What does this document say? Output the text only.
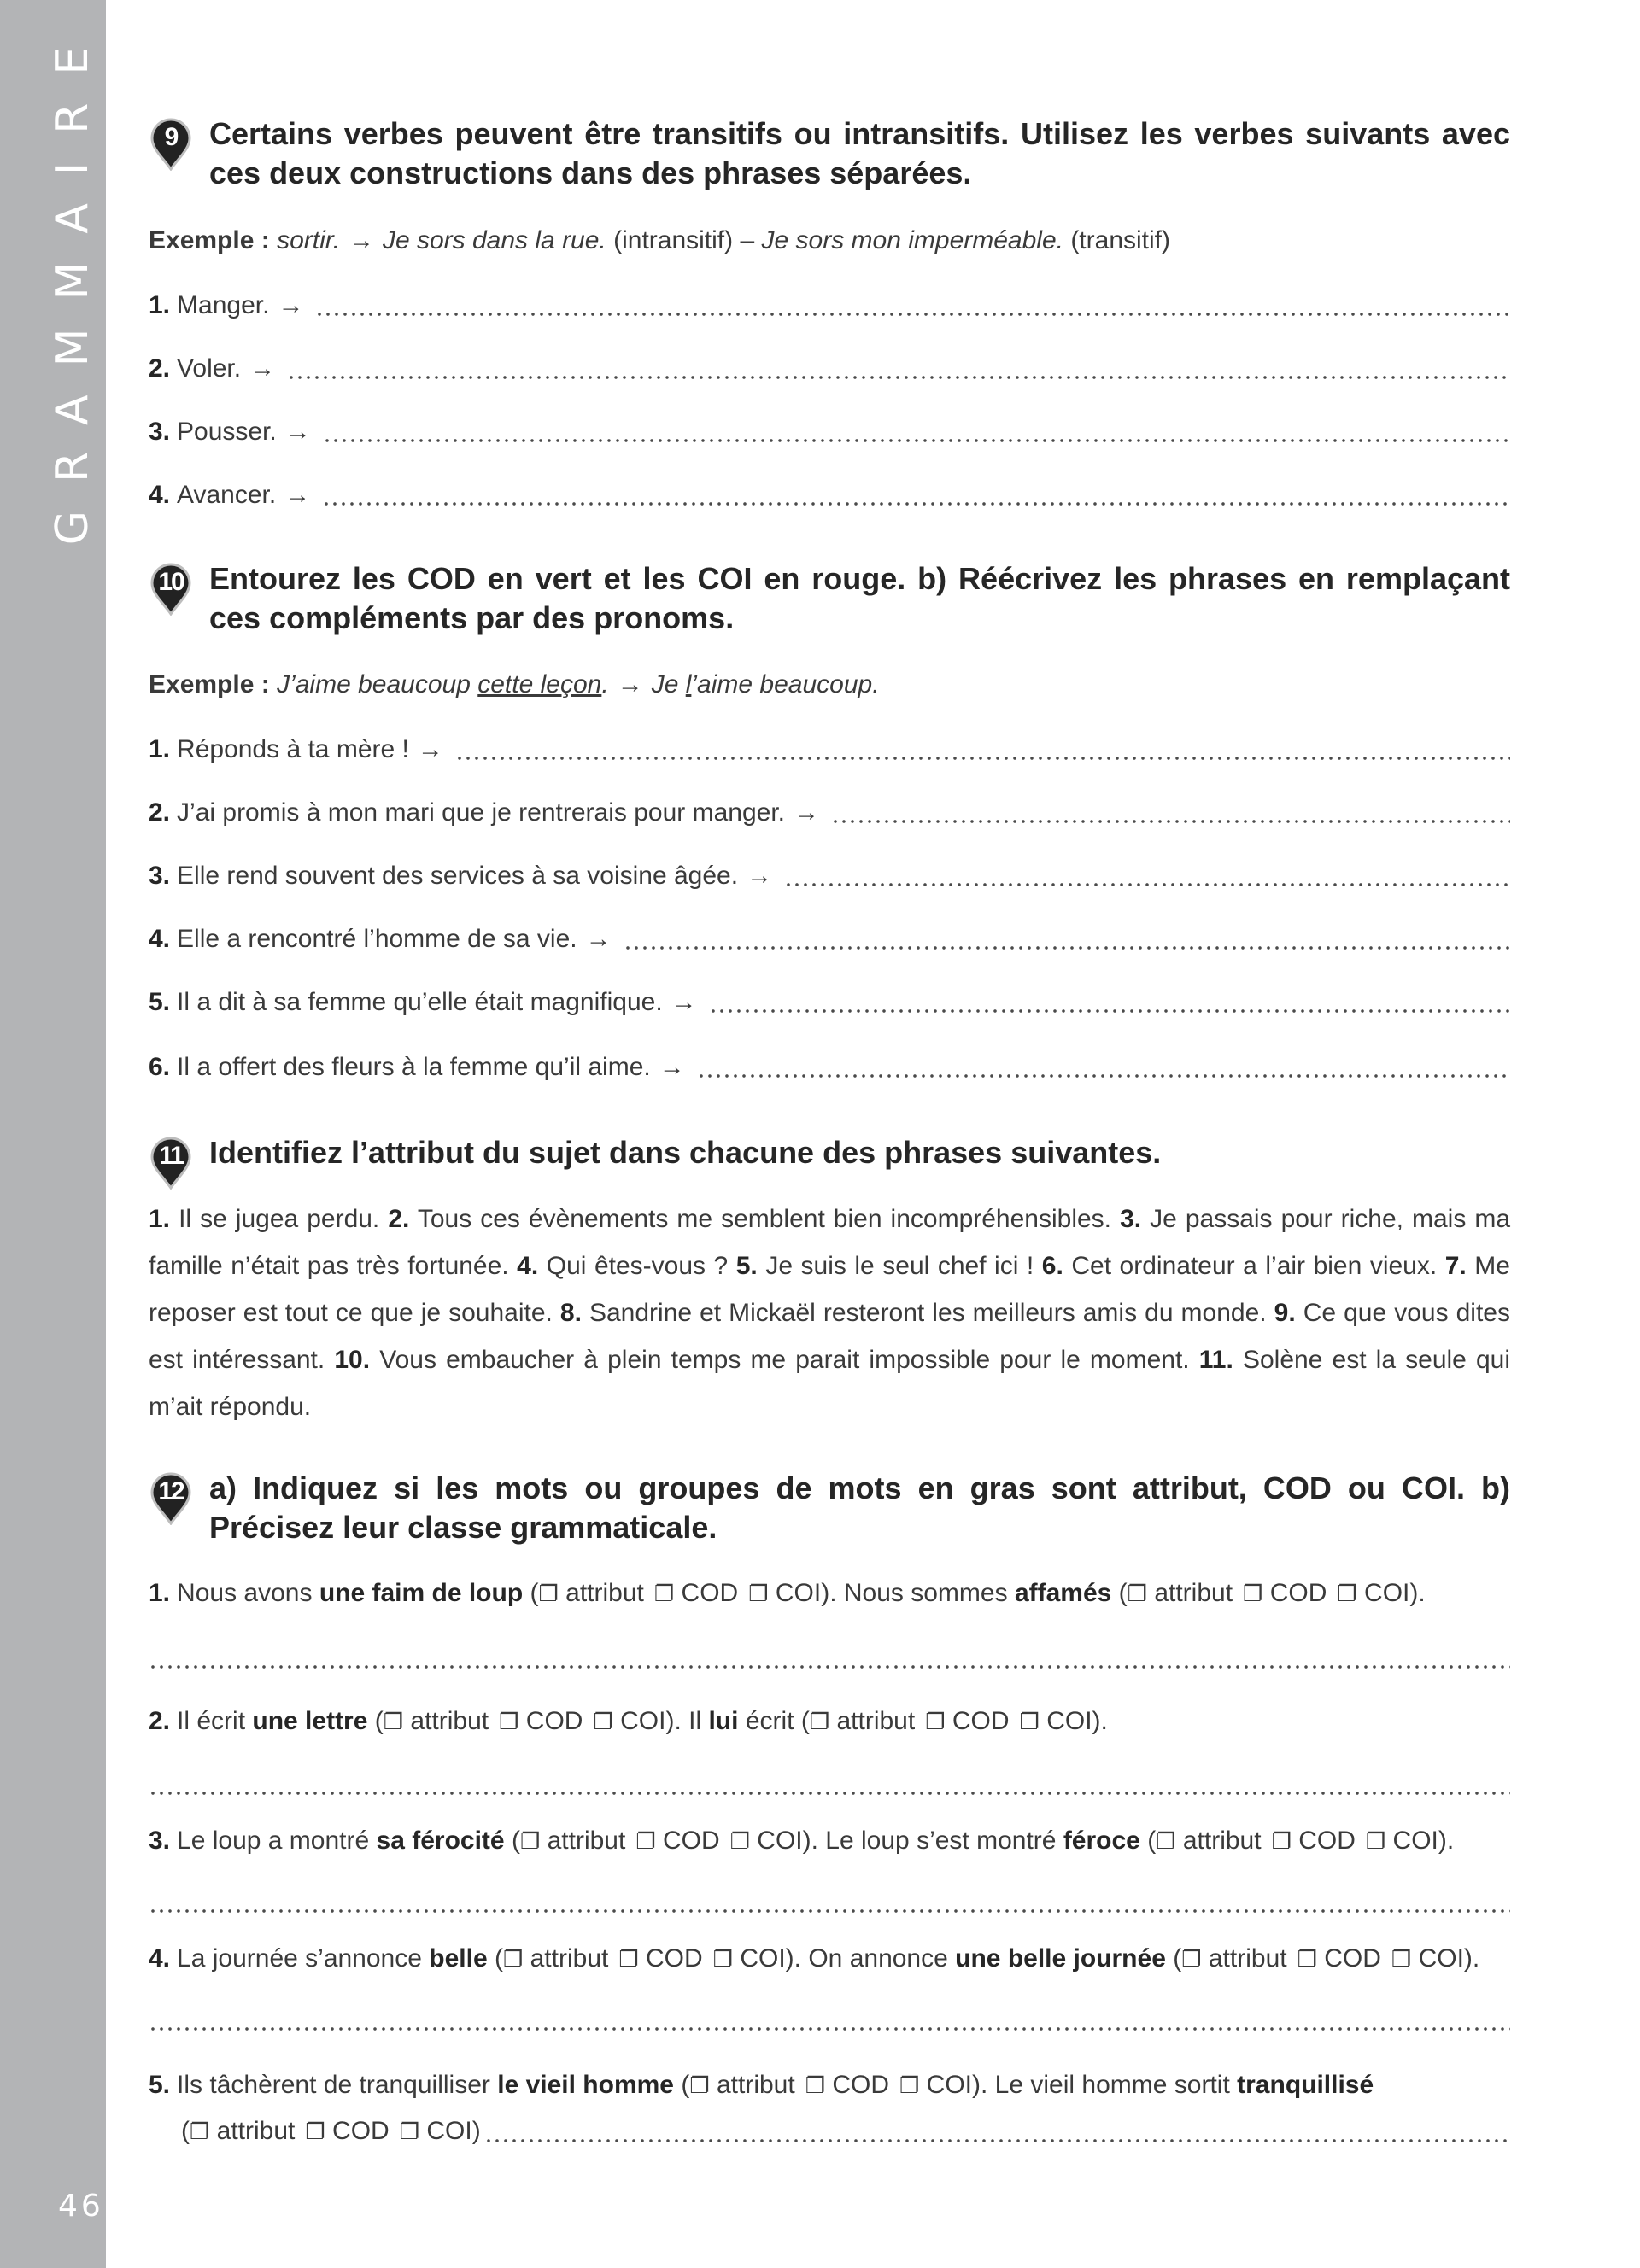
GRAMMAIRE
46
9	Certains verbes peuvent être transitifs ou intransitifs. Utilisez les verbes suivants avec ces deux constructions dans des phrases séparées.
Exemple :
sortir. → Je sors dans la rue.
(intransitif) –
Je sors mon imperméable.
(transitif)
1. Manger. →
2. Voler. →
3. Pousser. →
4. Avancer. →
10 Entourez les COD en vert et les COI en rouge. b) Réécrivez les phrases en remplaçant ces compléments par des pronoms.
Exemple :
J’aime beaucoup
cette leçon . → Je
l ’aime beaucoup.
1. Réponds à ta mère ! →
2. J’ai promis à mon mari que je rentrerais pour manger. →
3. Elle rend souvent des services à sa voisine âgée. →
4. Elle a rencontré l’homme de sa vie. →
5. Il a dit à sa femme qu’elle était magnifique. →
6. Il a offert des fleurs à la femme qu’il aime. →
11 Identifiez l’attribut du sujet dans chacune des phrases suivantes.
1. Il se jugea perdu. 2. Tous ces évènements me semblent bien incompréhensibles. 3. Je passais pour riche, mais ma famille n’était pas très fortunée. 4. Qui êtes-vous ? 5. Je suis le seul chef ici ! 6. Cet ordinateur a l’air bien vieux. 7. Me reposer est tout ce que je souhaite. 8. Sandrine et Mickaël resteront les meilleurs amis du monde. 9. Ce que vous dites est intéressant. 10. Vous embaucher à plein temps me parait impossible pour le moment. 11. Solène est la seule qui m’ait répondu.
12 a) Indiquez si les mots ou groupes de mots en gras sont attribut, COD ou COI. b) Précisez leur classe grammaticale.
1. Nous avons
une faim de loup ( ❐
attribut ❐
COD ❐
COI ) . Nous sommes
affamés ( ❐
attribut ❐
COD ❐
COI ).
2. Il écrit
une lettre ( ❐
attribut ❐
COD ❐
COI ) . Il
lui
écrit ( ❐
attribut ❐
COD ❐
COI ).
3. Le loup a montré
sa férocité ( ❐
attribut ❐
COD ❐
COI ) . Le loup s’est montré
féroce ( ❐
attribut ❐
COD ❐
COI ).
4. La journée s’annonce
belle ( ❐
attribut ❐
COD ❐
COI ) . On annonce
une belle journée ( ❐
attribut ❐
COD ❐
COI ).
5. Ils tâchèrent de tranquilliser
le vieil homme ( ❐
attribut ❐
COD ❐
COI ) . Le vieil homme sortit
tranquillisé
( ❐
attribut ❐
COD ❐
COI )
